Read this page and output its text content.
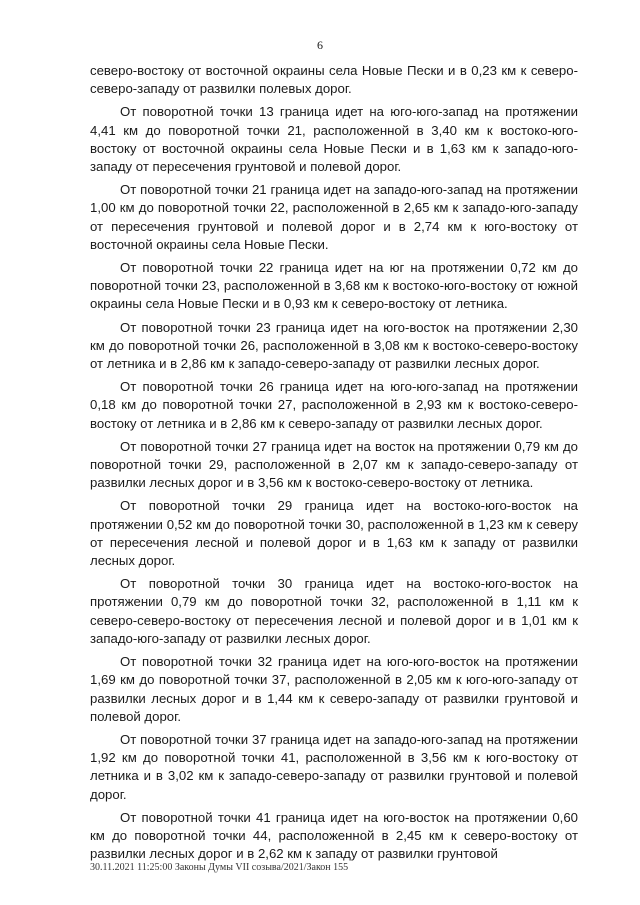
6

северо-востоку от восточной окраины села Новые Пески и в 0,23 км к северо-северо-западу от развилки полевых дорог.

От поворотной точки 13 граница идет на юго-юго-запад на протяжении 4,41 км до поворотной точки 21, расположенной в 3,40 км к востоко-юго-востоку от восточной окраины села Новые Пески и в 1,63 км к западо-юго-западу от пересечения грунтовой и полевой дорог.

От поворотной точки 21 граница идет на западо-юго-запад на протяжении 1,00 км до поворотной точки 22, расположенной в 2,65 км к западо-юго-западу от пересечения грунтовой и полевой дорог и в 2,74 км к юго-востоку от восточной окраины села Новые Пески.

От поворотной точки 22 граница идет на юг на протяжении 0,72 км до поворотной точки 23, расположенной в 3,68 км к востоко-юго-востоку от южной окраины села Новые Пески и в 0,93 км к северо-востоку от летника.

От поворотной точки 23 граница идет на юго-восток на протяжении 2,30 км до поворотной точки 26, расположенной в 3,08 км к востоко-северо-востоку от летника и в 2,86 км к западо-северо-западу от развилки лесных дорог.

От поворотной точки 26 граница идет на юго-юго-запад на протяжении 0,18 км до поворотной точки 27, расположенной в 2,93 км к востоко-северо-востоку от летника и в 2,86 км к северо-западу от развилки лесных дорог.

От поворотной точки 27 граница идет на восток на протяжении 0,79 км до поворотной точки 29, расположенной в 2,07 км к западо-северо-западу от развилки лесных дорог и в 3,56 км к востоко-северо-востоку от летника.

От поворотной точки 29 граница идет на востоко-юго-восток на протяжении 0,52 км до поворотной точки 30, расположенной в 1,23 км к северу от пересечения лесной и полевой дорог и в 1,63 км к западу от развилки лесных дорог.

От поворотной точки 30 граница идет на востоко-юго-восток на протяжении 0,79 км до поворотной точки 32, расположенной в 1,11 км к северо-северо-востоку от пересечения лесной и полевой дорог и в 1,01 км к западо-юго-западу от развилки лесных дорог.

От поворотной точки 32 граница идет на юго-юго-восток на протяжении 1,69 км до поворотной точки 37, расположенной в 2,05 км к юго-юго-западу от развилки лесных дорог и в 1,44 км к северо-западу от развилки грунтовой и полевой дорог.

От поворотной точки 37 граница идет на западо-юго-запад на протяжении 1,92 км до поворотной точки 41, расположенной в 3,56 км к юго-востоку от летника и в 3,02 км к западо-северо-западу от развилки грунтовой и полевой дорог.

От поворотной точки 41 граница идет на юго-восток на протяжении 0,60 км до поворотной точки 44, расположенной в 2,45 км к северо-востоку от развилки лесных дорог и в 2,62 км к западу от развилки грунтовой

30.11.2021 11:25:00 Законы Думы VII созыва/2021/Закон 155
